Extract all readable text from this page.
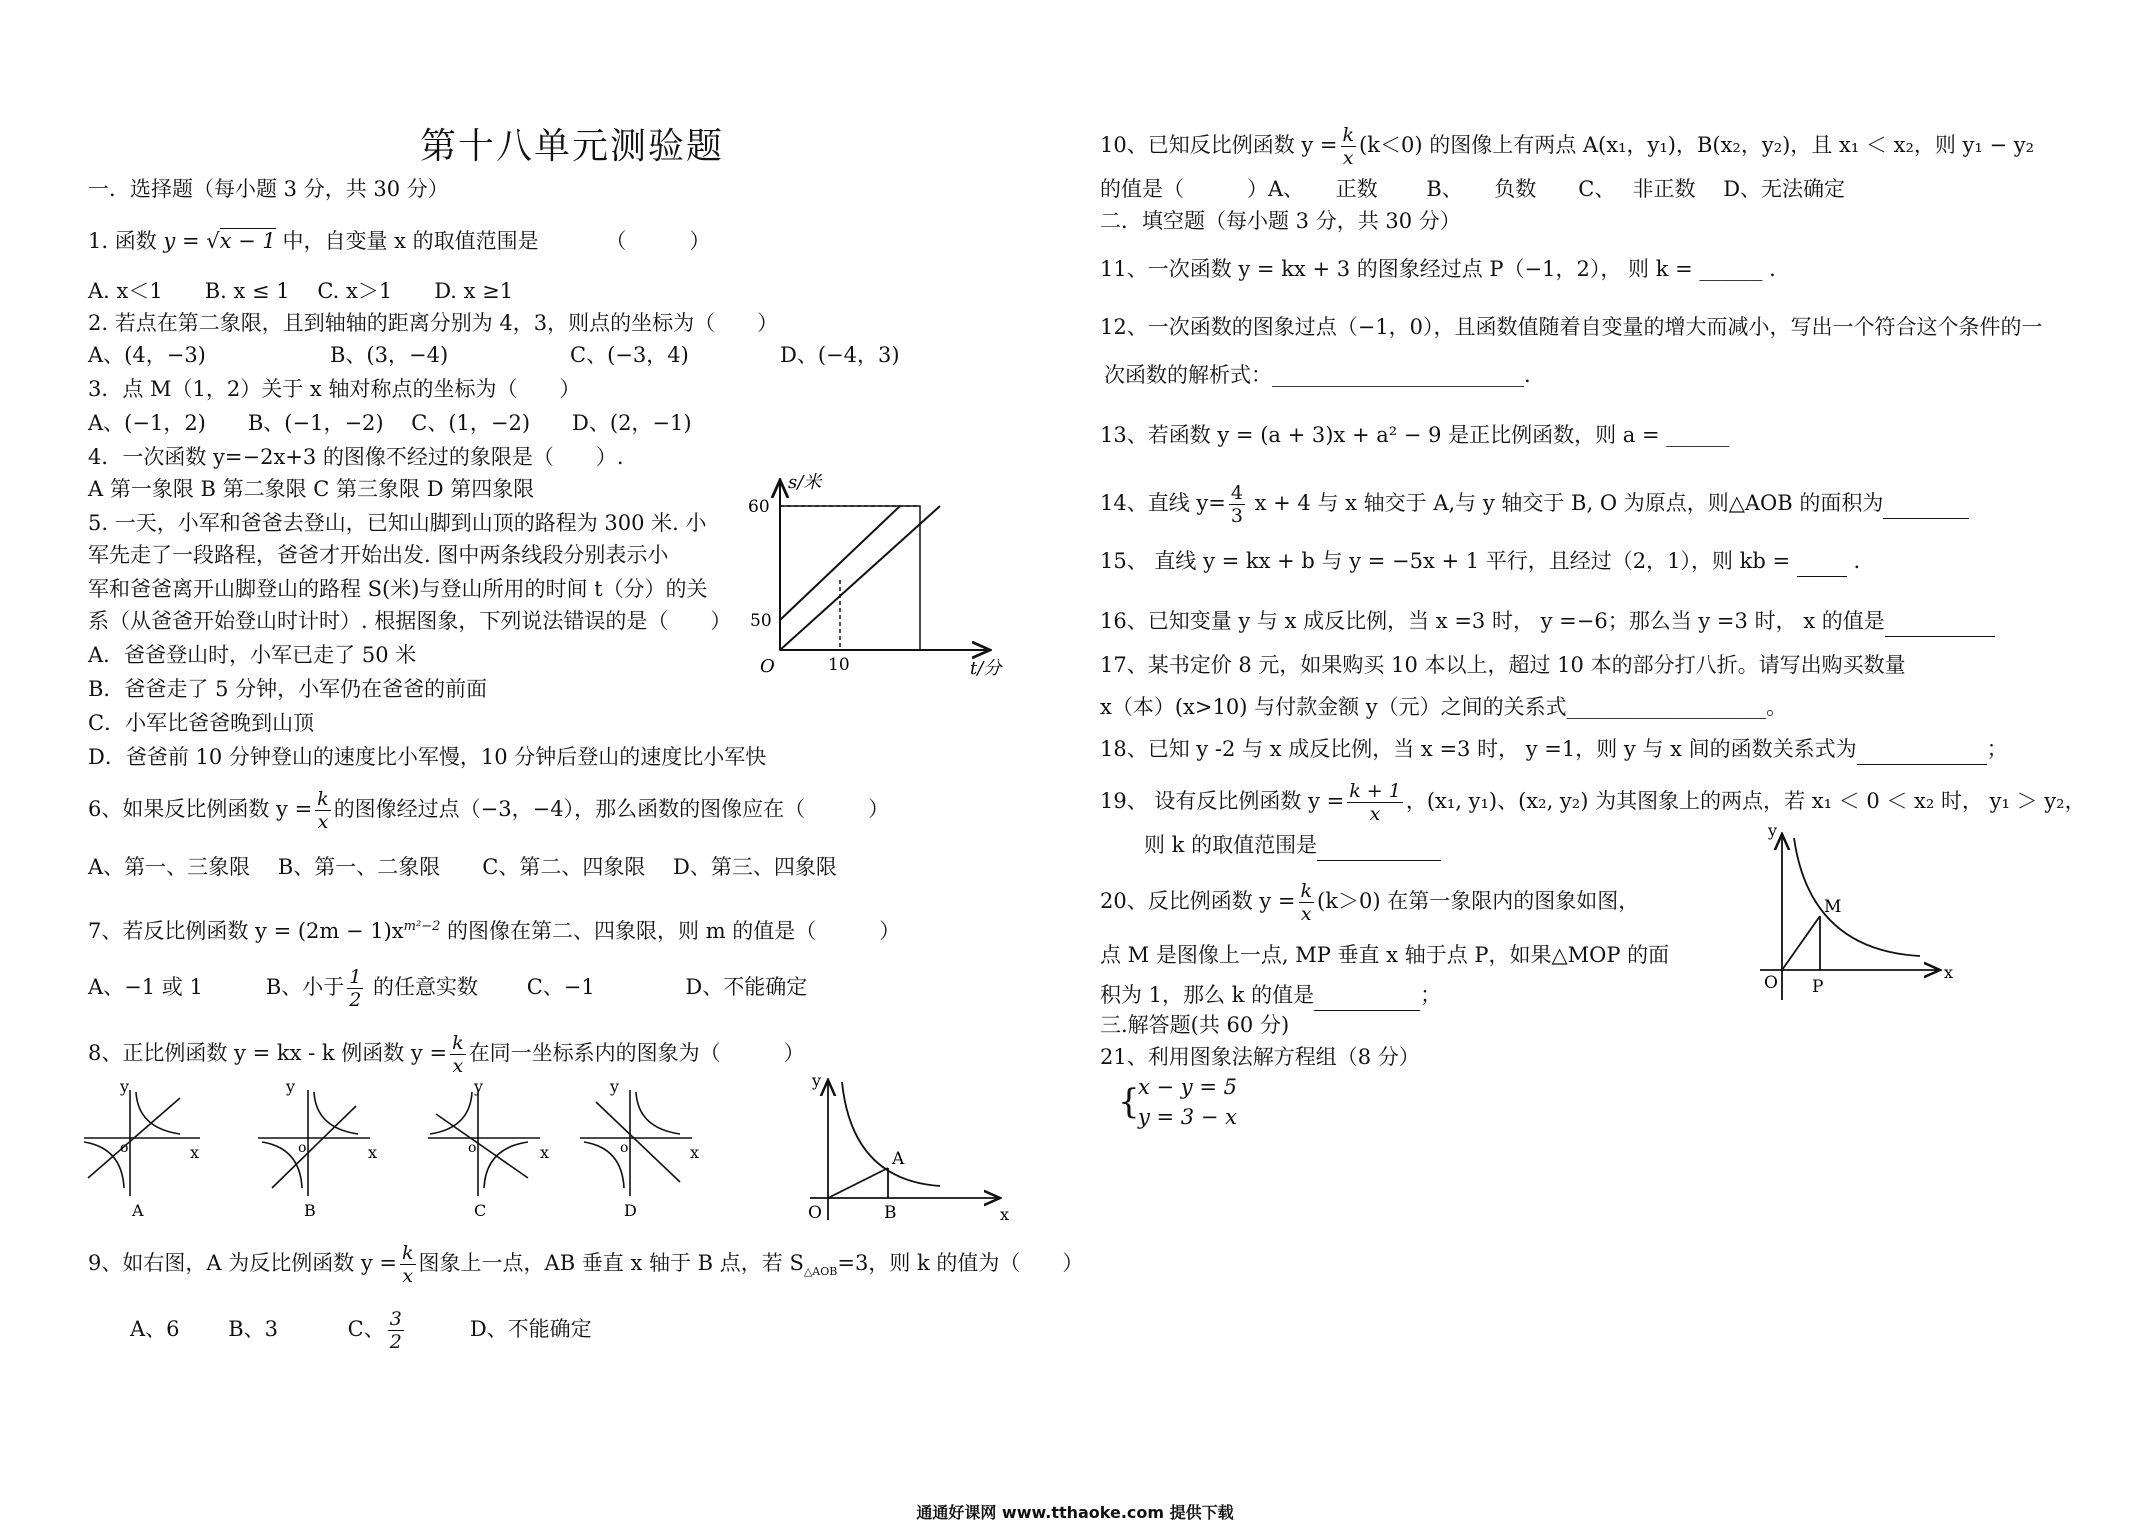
第十八单元测验题
一．选择题（每小题 3 分，共 30 分）
1. 函数 y = √x − 1 中，自变量 x 的取值范围是	（　　　）
A. x＜1　　B. x ≤ 1　 C. x＞1　　D. x ≥1
2. 若点在第二象限，且到轴轴的距离分别为 4，3，则点的坐标为（　　）
A、(4，−3)	B、(3，−4)	C、(−3，4)	D、(−4，3)
3．点 M（1，2）关于 x 轴对称点的坐标为（　　）
A、(−1，2)　　B、(−1，−2)　 C、(1，−2)　　D、(2，−1)
4．一次函数 y=−2x+3 的图像不经过的象限是（　　）.
A 第一象限 B 第二象限 C 第三象限 D 第四象限
5. 一天，小军和爸爸去登山，已知山脚到山顶的路程为 300 米. 小
军先走了一段路程，爸爸才开始出发. 图中两条线段分别表示小
军和爸爸离开山脚登山的路程 S(米)与登山所用的时间 t（分）的关
系（从爸爸开始登山时计时）. 根据图象，下列说法错误的是（　　）
A．爸爸登山时，小军已走了 50 米
B．爸爸走了 5 分钟，小军仍在爸爸的前面
C．小军比爸爸晚到山顶
D．爸爸前 10 分钟登山的速度比小军慢，10 分钟后登山的速度比小军快
s/米
60
50
O	10	t/分
6、如果反比例函数 $y = \frac{k}{x}$ 的图像经过点（−3，−4），那么函数的图像应在（　　　）
A、第一、三象限　 B、第一、二象限　　C、第二、四象限　 D、第三、四象限
7、若反比例函数 $y = (2m - 1)x^{m^2-2}$ 的图像在第二、四象限，则 m 的值是（　　　）
A、−1 或 1　　　B、小于 $\frac{1}{2}$ 的任意实数　　 C、−1　　　　 D、不能确定
8、正比例函数 y = kx - k 例函数 $y = \frac{k}{x}$ 在同一坐标系内的图象为（　　　）
y
o	x
A
y
o	x
B
y
o	x
C
y
o	x
D
y
O
A
B	x
9、如右图，A 为反比例函数 $y = \frac{k}{x}$ 图象上一点，AB 垂直 x 轴于 B 点，若 $S_{\triangle AOB}=3$，则 k 的值为（　　）
A、6　　 B、3　　　 C、 $\frac{3}{2}$ 　　　D、不能确定
10、已知反比例函数 $y = \frac{k}{x} (k<0)$ 的图像上有两点 A(x₁，y₁)，B(x₂，y₂)，且 x₁ ＜ x₂，则 y₁ − y₂
的值是（　　　）A、　　正数　　 B、　　负数　　C、　 非正数　 D、无法确定
二．填空题（每小题 3 分，共 30 分）
11、一次函数 y = kx + 3 的图象经过点 P（−1，2）， 则 k = ______ .
12、一次函数的图象过点（−1，0），且函数值随着自变量的增大而减小，写出一个符合这个条件的一
次函数的解析式：________________________.
13、若函数 y = (a + 3)x + a² − 9 是正比例函数，则 a = ______
14、直线 $y= \frac{4}{3}$ x + 4 与 x 轴交于 A,与 y 轴交于 B, O 为原点，则△AOB 的面积为
15、 直线 y = kx + b 与 y = −5x + 1 平行，且经过（2，1），则 kb =	.
16、已知变量 y 与 x 成反比例，当 x =3 时， y =−6；那么当 y =3 时， x 的值是
17、某书定价 8 元，如果购买 10 本以上，超过 10 本的部分打八折。请写出购买数量
x（本）(x>10) 与付款金额 y（元）之间的关系式___________________。
18、已知 y -2 与 x 成反比例，当 x =3 时， y =1，则 y 与 x 间的函数关系式为	；
19、 设有反比例函数 $y = \frac{k + 1}{x}$ ，(x₁, y₁)、(x₂, y₂) 为其图象上的两点，若 x₁ ＜ 0 ＜ x₂ 时， y₁ ＞ y₂，
则 k 的取值范围是
20、反比例函数 $y = \frac{k}{x} (k>0)$ 在第一象限内的图象如图，
点 M 是图像上一点, MP 垂直 x 轴于点 P，如果△MOP 的面
积为 1，那么 k 的值是	；
y
O P
M
x
三.解答题(共 60 分)
21、利用图象法解方程组（8 分）
{
x − y = 5
y = 3 − x
通通好课网 www.tthaoke.com 提供下载
